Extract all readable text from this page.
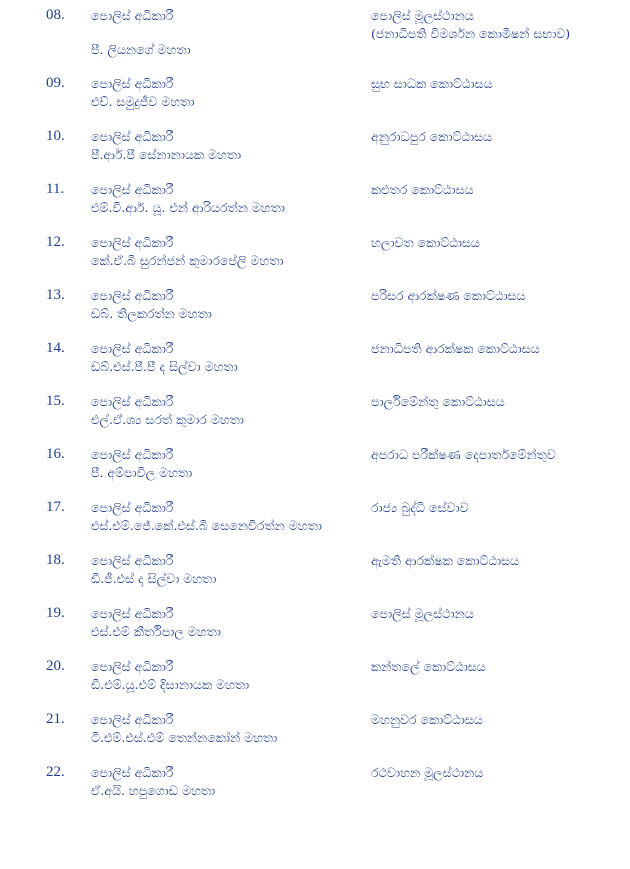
08. පොලිස් අධිකාරී
පී. ලියනගේ මහතා
පොලිස් මූලස්ථානය
(ජනාධිපති විමර්ශන කොමිෂන් සභාව)
09. පොලිස් අධිකාරී
එච්. සමුදුජීව මහතා
සුභ සාධක කොට්ඨාසය
10. පොලිස් අධිකාරී
පී.ආර්.පී සේනානායක මහතා
අනුරාධපුර කොට්ඨාසය
11. පොලිස් අධිකාරී
එම්.වී.ආර්. යූ. එන් ආරියරත්න මහතා
කළුතර කොට්ඨාසය
12. පොලිස් අධිකාරී
කේ.ඒ.බී සුරන්ජන් කුමාරපේලි මහතා
හලාවත කොට්ඨාසය
13. පොලිස් අධිකාරී
ඩබ්. තිලකරත්න මහතා
පරිසර ආරක්ෂණ කොට්ඨාසය
14. පොලිස් අධිකාරී
ඩබ්.එස්.පී.පී ද සිල්වා මහතා
ජනාධිපති ආරක්ෂක කොට්ඨාසය
15. පොලිස් අධිකාරී
එල්.ඒ.ශ්‍ය සරත් කුමාර මහතා
පාර්ලිමේන්තු කොට්ඨාසය
16. පොලිස් අධිකාරී
පී. අම්පාවිල මහතා
අපරාධ පරීක්ෂණ දෙපාර්තමේන්තුව
17. පොලිස් අධිකාරී
එස්.එම්.ජේ.කේ.එස්.බී සෙනෙවිරත්න මහතා
රාජ්‍ය බුද්ධි සේවාව
18. පොලිස් අධිකාරී
ඩී.ජී.එස් ද සිල්වා මහතා
ඇමති ආරක්ෂක කොට්ඨාසය
19. පොලිස් අධිකාරී
එස්.එම් කීර්තිපාල මහතා
පොලිස් මූලස්ථානය
20. පොලිස් අධිකාරී
ඩී.එම්.යූ.එම් දිසානායක මහතා
කන්තලේ කොට්ඨාසය
21. පොලිස් අධිකාරී
ටී.එම්.එස්.එම් තෙන්නකෝන් මහතා
මහනුවර කොට්ඨාසය
22. පොලිස් අධිකාරී
ඒ.අයි. හපුගොඩ මහතා
රථවාහන මූලස්ථානය
